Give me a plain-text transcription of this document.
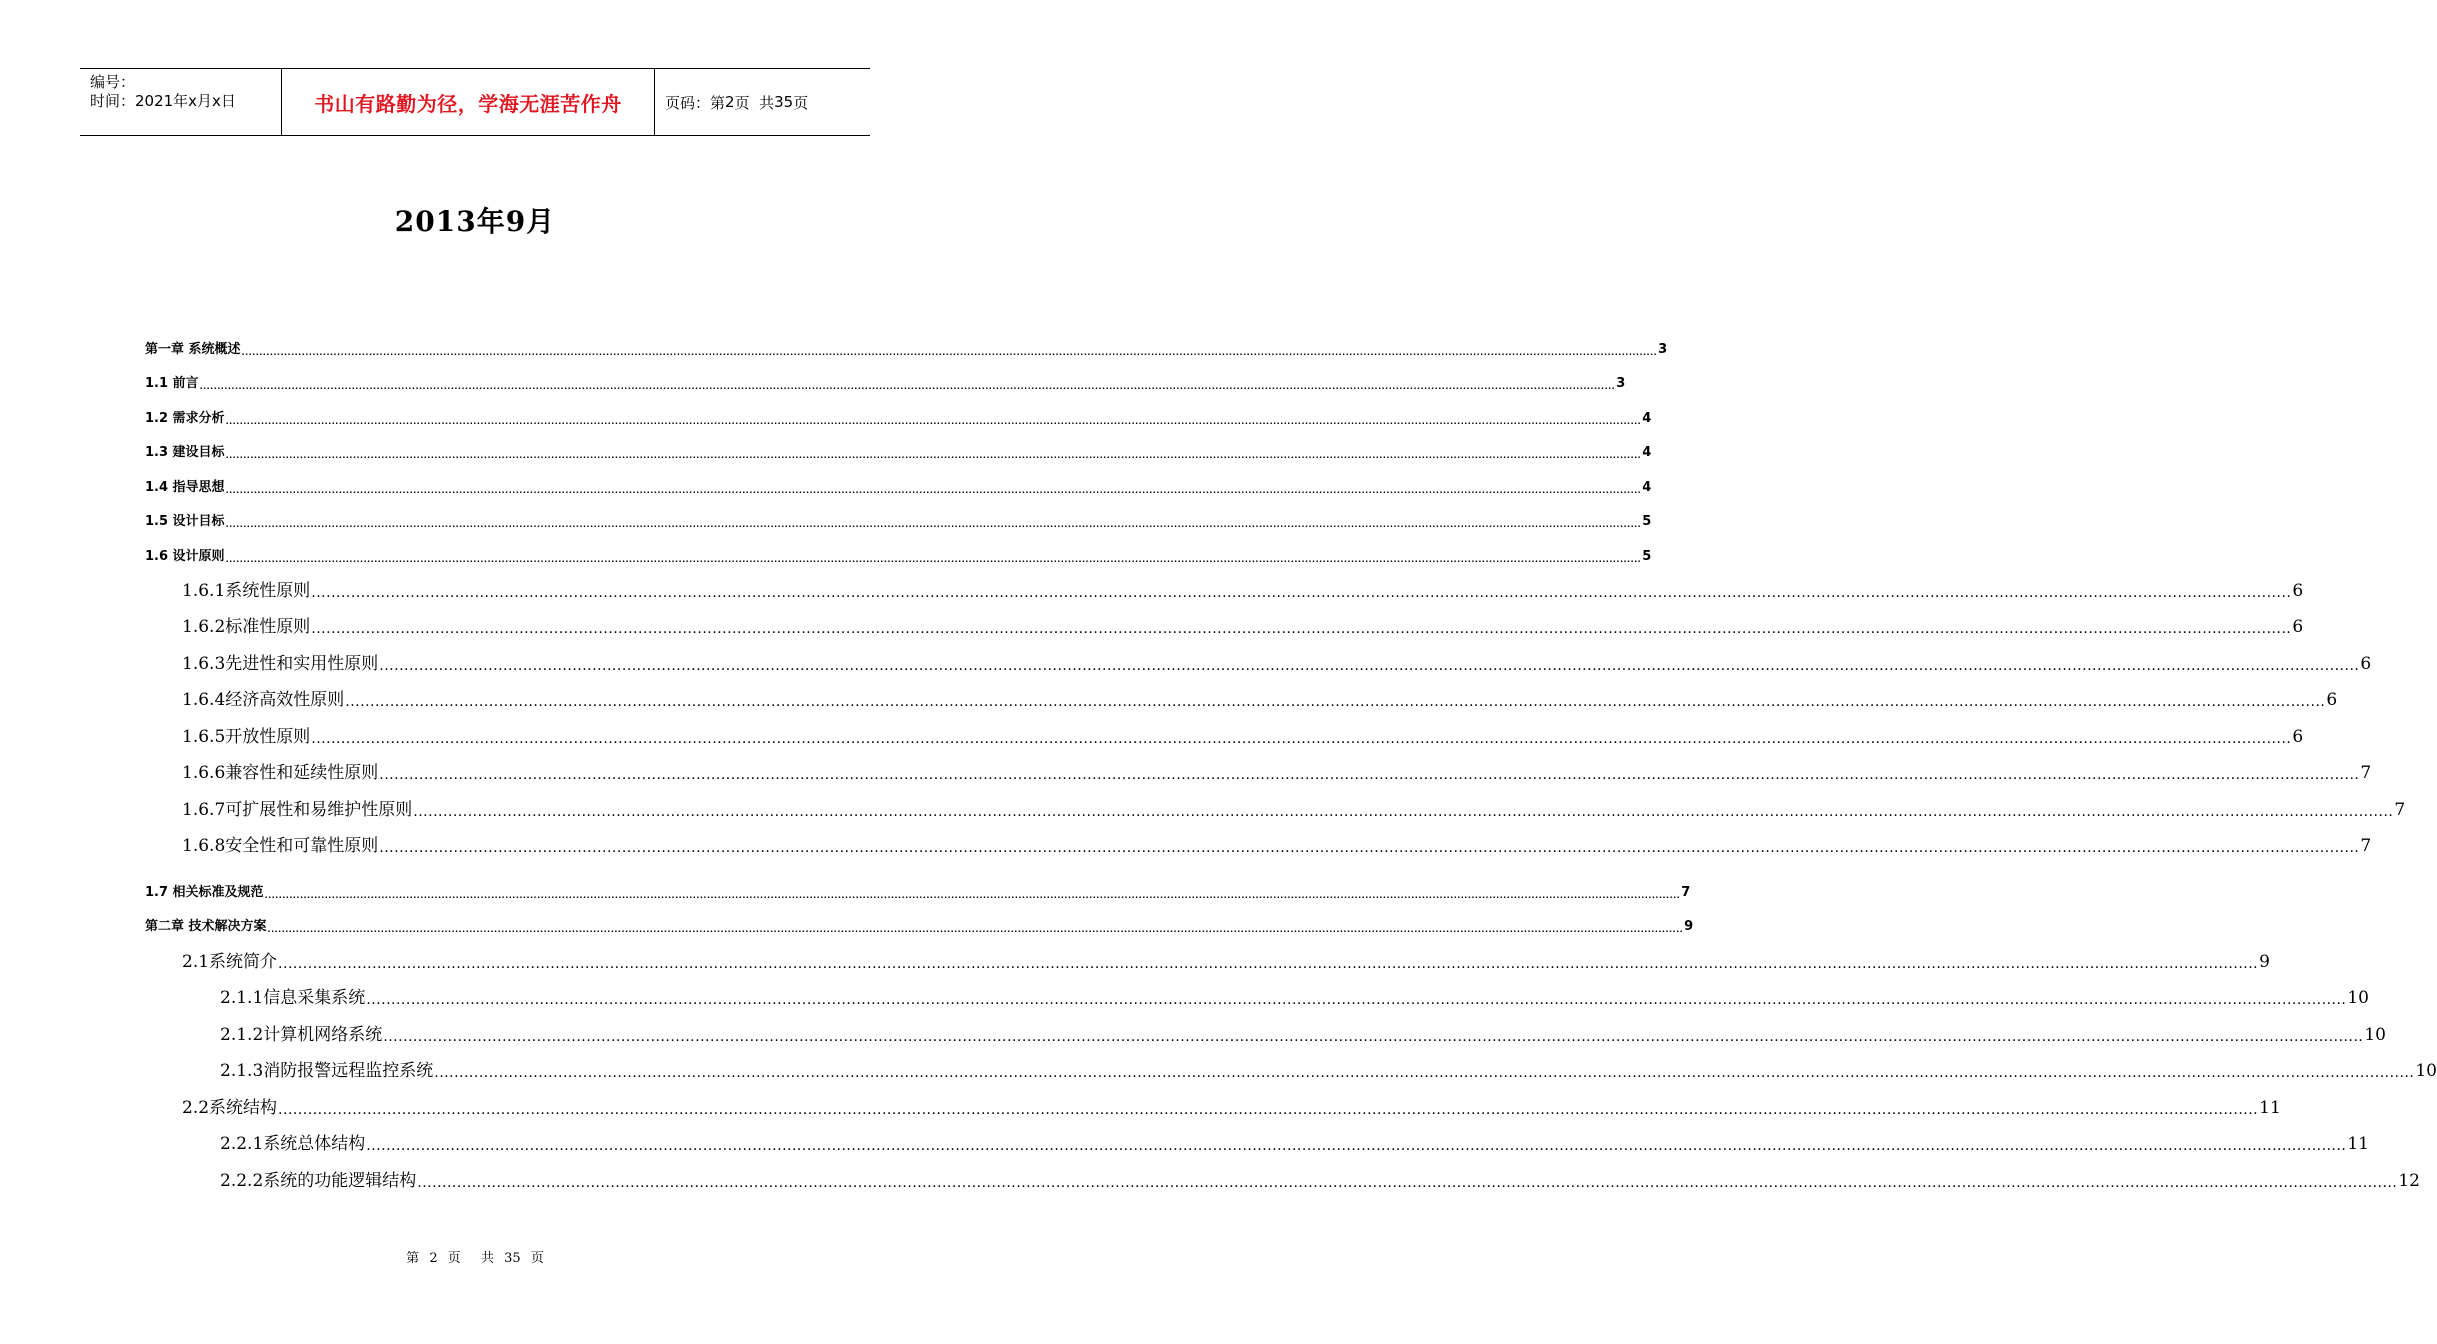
编号：
时间：2021年x月x日	书山有路勤为径，学海无涯苦作舟	页码：第 2 页  共 35 页
2013年9月
第一章 系统概述 ................................................................................................................................................................................................................................................................................................................................................................................................................ 3
1.1 前言 ................................................................................................................................................................................................................................................................................................................................................................................................................ 3
1.2 需求分析 ................................................................................................................................................................................................................................................................................................................................................................................................................ 4
1.3 建设目标 ................................................................................................................................................................................................................................................................................................................................................................................................................ 4
1.4 指导思想 ................................................................................................................................................................................................................................................................................................................................................................................................................ 4
1.5 设计目标 ................................................................................................................................................................................................................................................................................................................................................................................................................ 5
1.6 设计原则 ................................................................................................................................................................................................................................................................................................................................................................................................................ 5
1.6.1系统性原则 ................................................................................................................................................................................................................................................................................................................................................................................................................ 6
1.6.2标准性原则 ................................................................................................................................................................................................................................................................................................................................................................................................................ 6
1.6.3先进性和实用性原则 ................................................................................................................................................................................................................................................................................................................................................................................................................ 6
1.6.4经济高效性原则 ................................................................................................................................................................................................................................................................................................................................................................................................................ 6
1.6.5开放性原则 ................................................................................................................................................................................................................................................................................................................................................................................................................ 6
1.6.6兼容性和延续性原则 ................................................................................................................................................................................................................................................................................................................................................................................................................ 7
1.6.7可扩展性和易维护性原则 ................................................................................................................................................................................................................................................................................................................................................................................................................ 7
1.6.8安全性和可靠性原则 ................................................................................................................................................................................................................................................................................................................................................................................................................ 7
1.7 相关标准及规范 ................................................................................................................................................................................................................................................................................................................................................................................................................ 7
第二章 技术解决方案 ................................................................................................................................................................................................................................................................................................................................................................................................................ 9
2.1系统简介 ................................................................................................................................................................................................................................................................................................................................................................................................................ 9
2.1.1信息采集系统 ................................................................................................................................................................................................................................................................................................................................................................................................................ 10
2.1.2计算机网络系统 ................................................................................................................................................................................................................................................................................................................................................................................................................ 10
2.1.3消防报警远程监控系统 ................................................................................................................................................................................................................................................................................................................................................................................................................ 10
2.2系统结构 ................................................................................................................................................................................................................................................................................................................................................................................................................ 11
2.2.1系统总体结构 ................................................................................................................................................................................................................................................................................................................................................................................................................ 11
2.2.2系统的功能逻辑结构 ................................................................................................................................................................................................................................................................................................................................................................................................................ 12
第 2 页  共 35 页
